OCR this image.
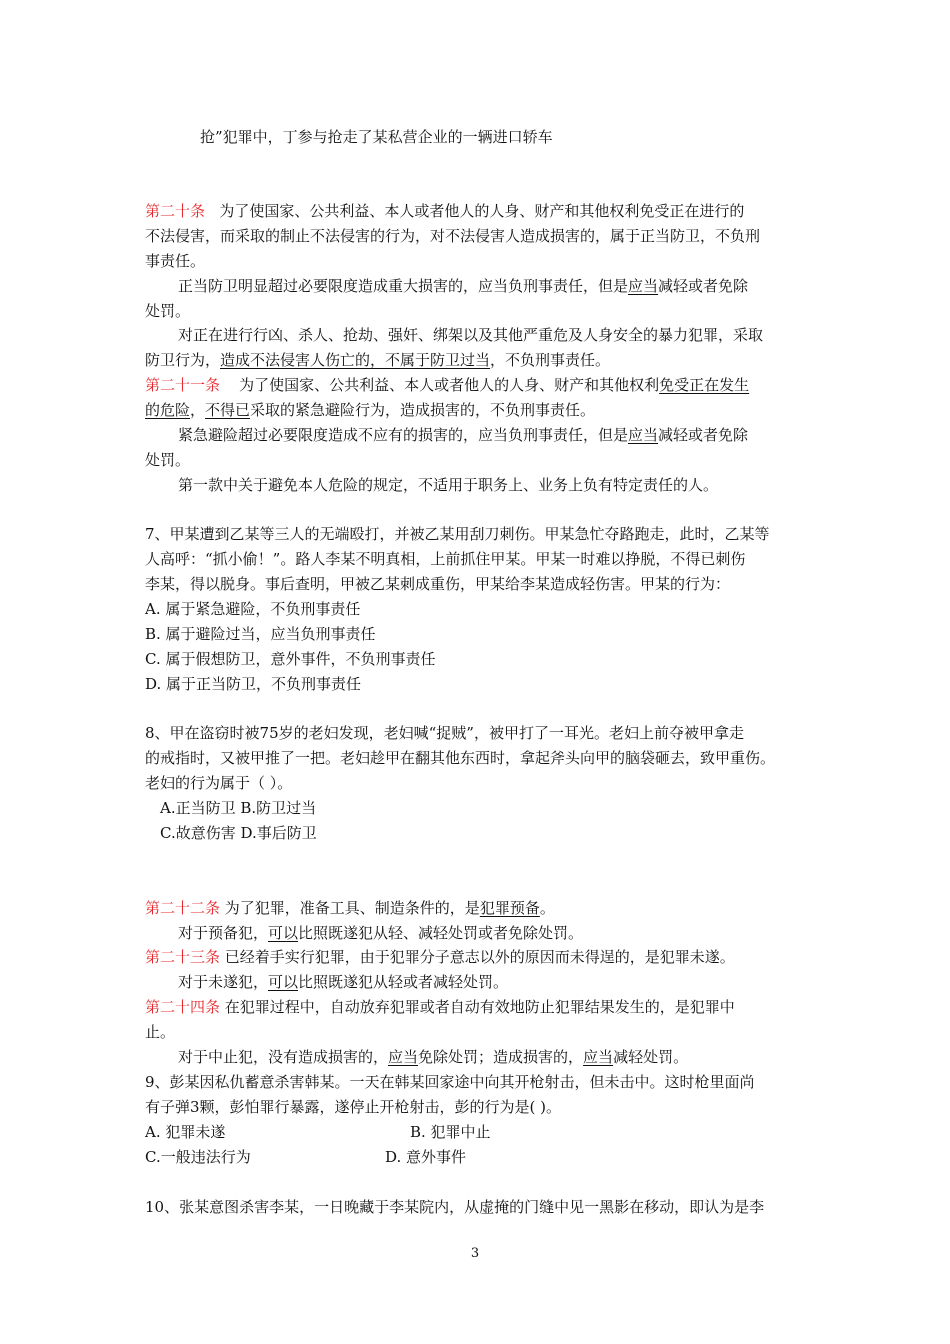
抢”犯罪中，丁参与抢走了某私营企业的一辆进口轿车
第二十条 为了使国家、公共利益、本人或者他人的人身、财产和其他权利免受正在进行的
不法侵害，而采取的制止不法侵害的行为，对不法侵害人造成损害的，属于正当防卫，不负刑
事责任。
正当防卫明显超过必要限度造成重大损害的，应当负刑事责任，但是应当减轻或者免除
处罚。
对正在进行行凶、杀人、抢劫、强奸、绑架以及其他严重危及人身安全的暴力犯罪，采取
防卫行为，造成不法侵害人伤亡的，不属于防卫过当，不负刑事责任。
第二十一条 为了使国家、公共利益、本人或者他人的人身、财产和其他权利免受正在发生
的危险，不得已采取的紧急避险行为，造成损害的，不负刑事责任。
紧急避险超过必要限度造成不应有的损害的，应当负刑事责任，但是应当减轻或者免除
处罚。
第一款中关于避免本人危险的规定，不适用于职务上、业务上负有特定责任的人。
7、甲某遭到乙某等三人的无端殴打，并被乙某用刮刀刺伤。甲某急忙夺路跑走，此时，乙某等
人高呼：“抓小偷！”。路人李某不明真相，上前抓住甲某。甲某一时难以挣脱，不得已刺伤
李某，得以脱身。事后查明，甲被乙某刺成重伤，甲某给李某造成轻伤害。甲某的行为：
A. 属于紧急避险，不负刑事责任
B. 属于避险过当，应当负刑事责任
C. 属于假想防卫，意外事件，不负刑事责任
D. 属于正当防卫，不负刑事责任
8、甲在盗窃时被75岁的老妇发现，老妇喊“捉贼”，被甲打了一耳光。老妇上前夺被甲拿走
的戒指时，又被甲推了一把。老妇趁甲在翻其他东西时，拿起斧头向甲的脑袋砸去，致甲重伤。
老妇的行为属于（ ）。
A.正当防卫 B.防卫过当
C.故意伤害 D.事后防卫
第二十二条 为了犯罪，准备工具、制造条件的，是犯罪预备。
对于预备犯，可以比照既遂犯从轻、减轻处罚或者免除处罚。
第二十三条 已经着手实行犯罪，由于犯罪分子意志以外的原因而未得逞的，是犯罪未遂。
对于未遂犯，可以比照既遂犯从轻或者减轻处罚。
第二十四条 在犯罪过程中，自动放弃犯罪或者自动有效地防止犯罪结果发生的，是犯罪中
止。
对于中止犯，没有造成损害的，应当免除处罚；造成损害的，应当减轻处罚。
9、彭某因私仇蓄意杀害韩某。一天在韩某回家途中向其开枪射击，但未击中。这时枪里面尚
有子弹3颗，彭怕罪行暴露，遂停止开枪射击，彭的行为是( )。
A. 犯罪未遂	B. 犯罪中止
C.一般违法行为	D. 意外事件
10、张某意图杀害李某，一日晚藏于李某院内，从虚掩的门缝中见一黑影在移动，即认为是李
3
